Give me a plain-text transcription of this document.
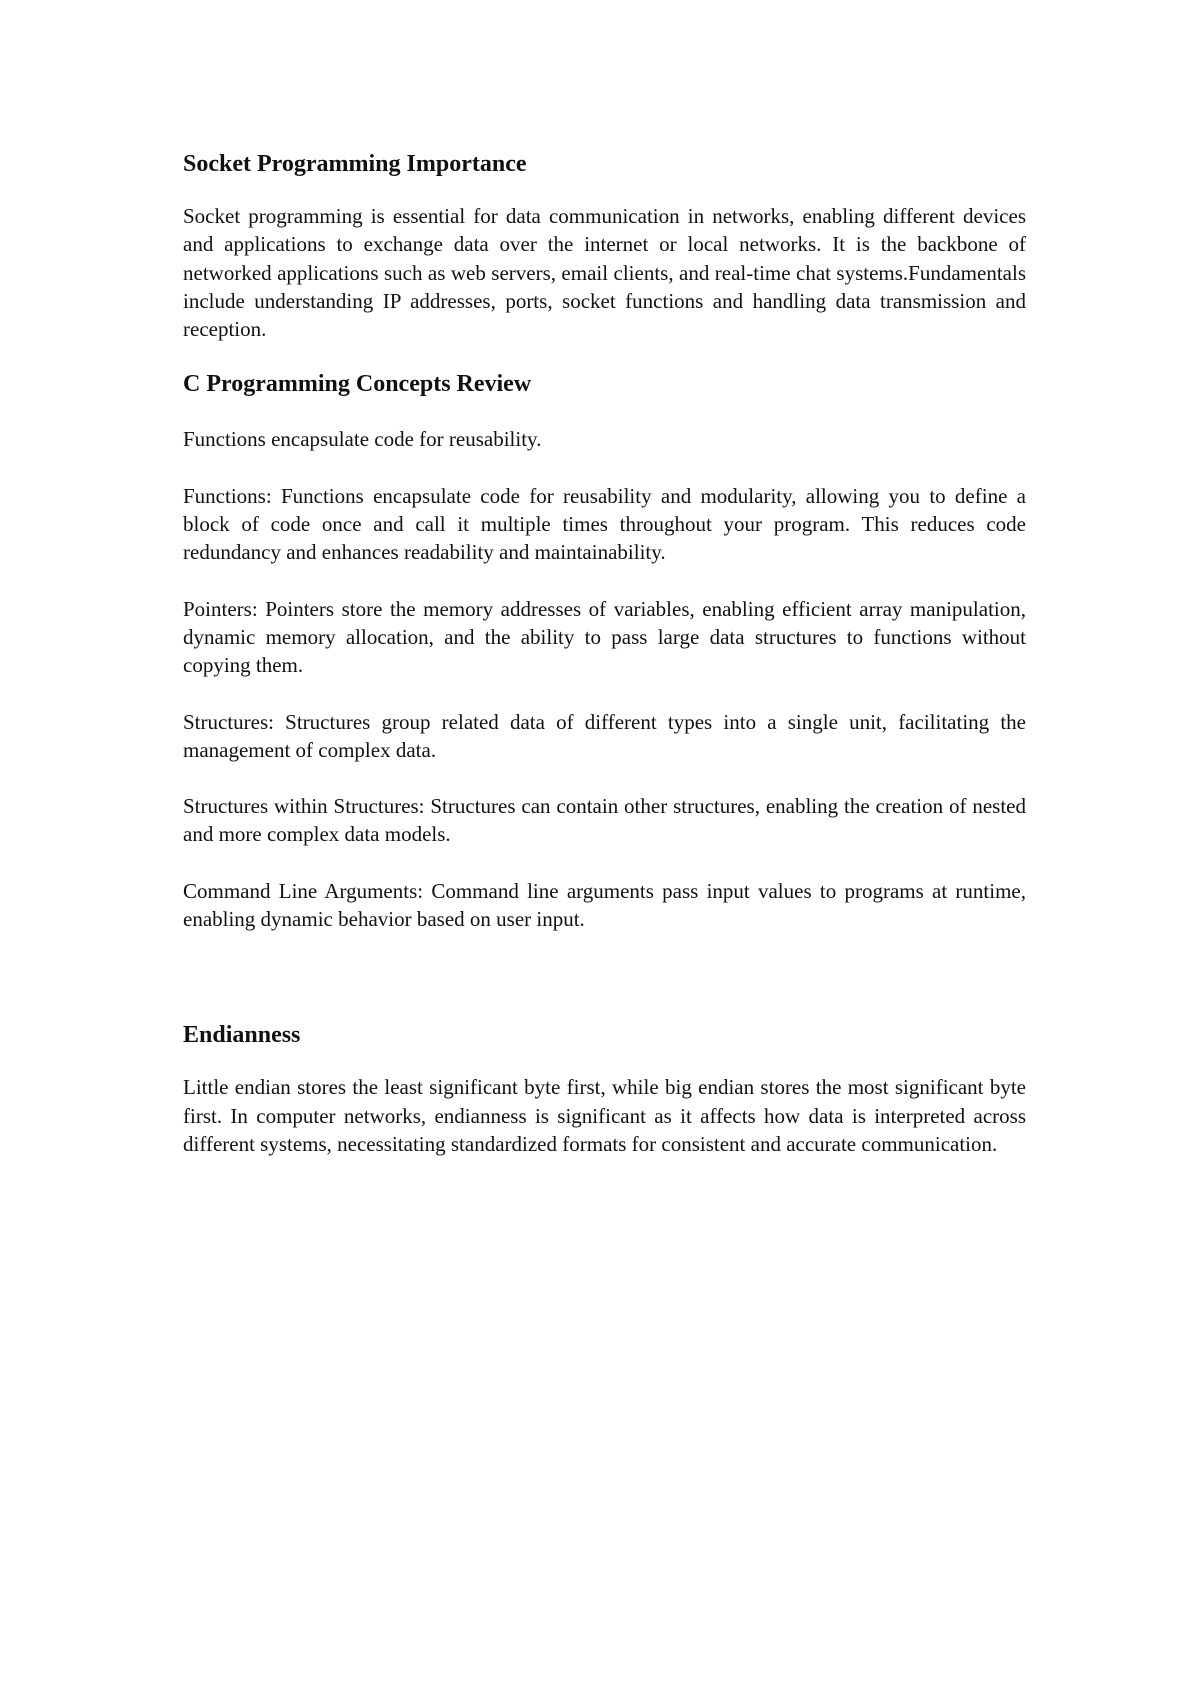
Socket Programming Importance

Socket programming is essential for data communication in networks, enabling different devices and applications to exchange data over the internet or local networks. It is the backbone of networked applications such as web servers, email clients, and real-time chat systems.Fundamentals include understanding IP addresses, ports, socket functions and handling data transmission and reception.

C Programming Concepts Review

Functions encapsulate code for reusability.

Functions: Functions encapsulate code for reusability and modularity, allowing you to define a block of code once and call it multiple times throughout your program. This reduces code redundancy and enhances readability and maintainability.

Pointers: Pointers store the memory addresses of variables, enabling efficient array manipulation, dynamic memory allocation, and the ability to pass large data structures to functions without copying them.

Structures: Structures group related data of different types into a single unit, facilitating the management of complex data.

Structures within Structures: Structures can contain other structures, enabling the creation of nested and more complex data models.

Command Line Arguments: Command line arguments pass input values to programs at runtime, enabling dynamic behavior based on user input.

Endianness

Little endian stores the least significant byte first, while big endian stores the most significant byte first. In computer networks, endianness is significant as it affects how data is interpreted across different systems, necessitating standardized formats for consistent and accurate communication.
